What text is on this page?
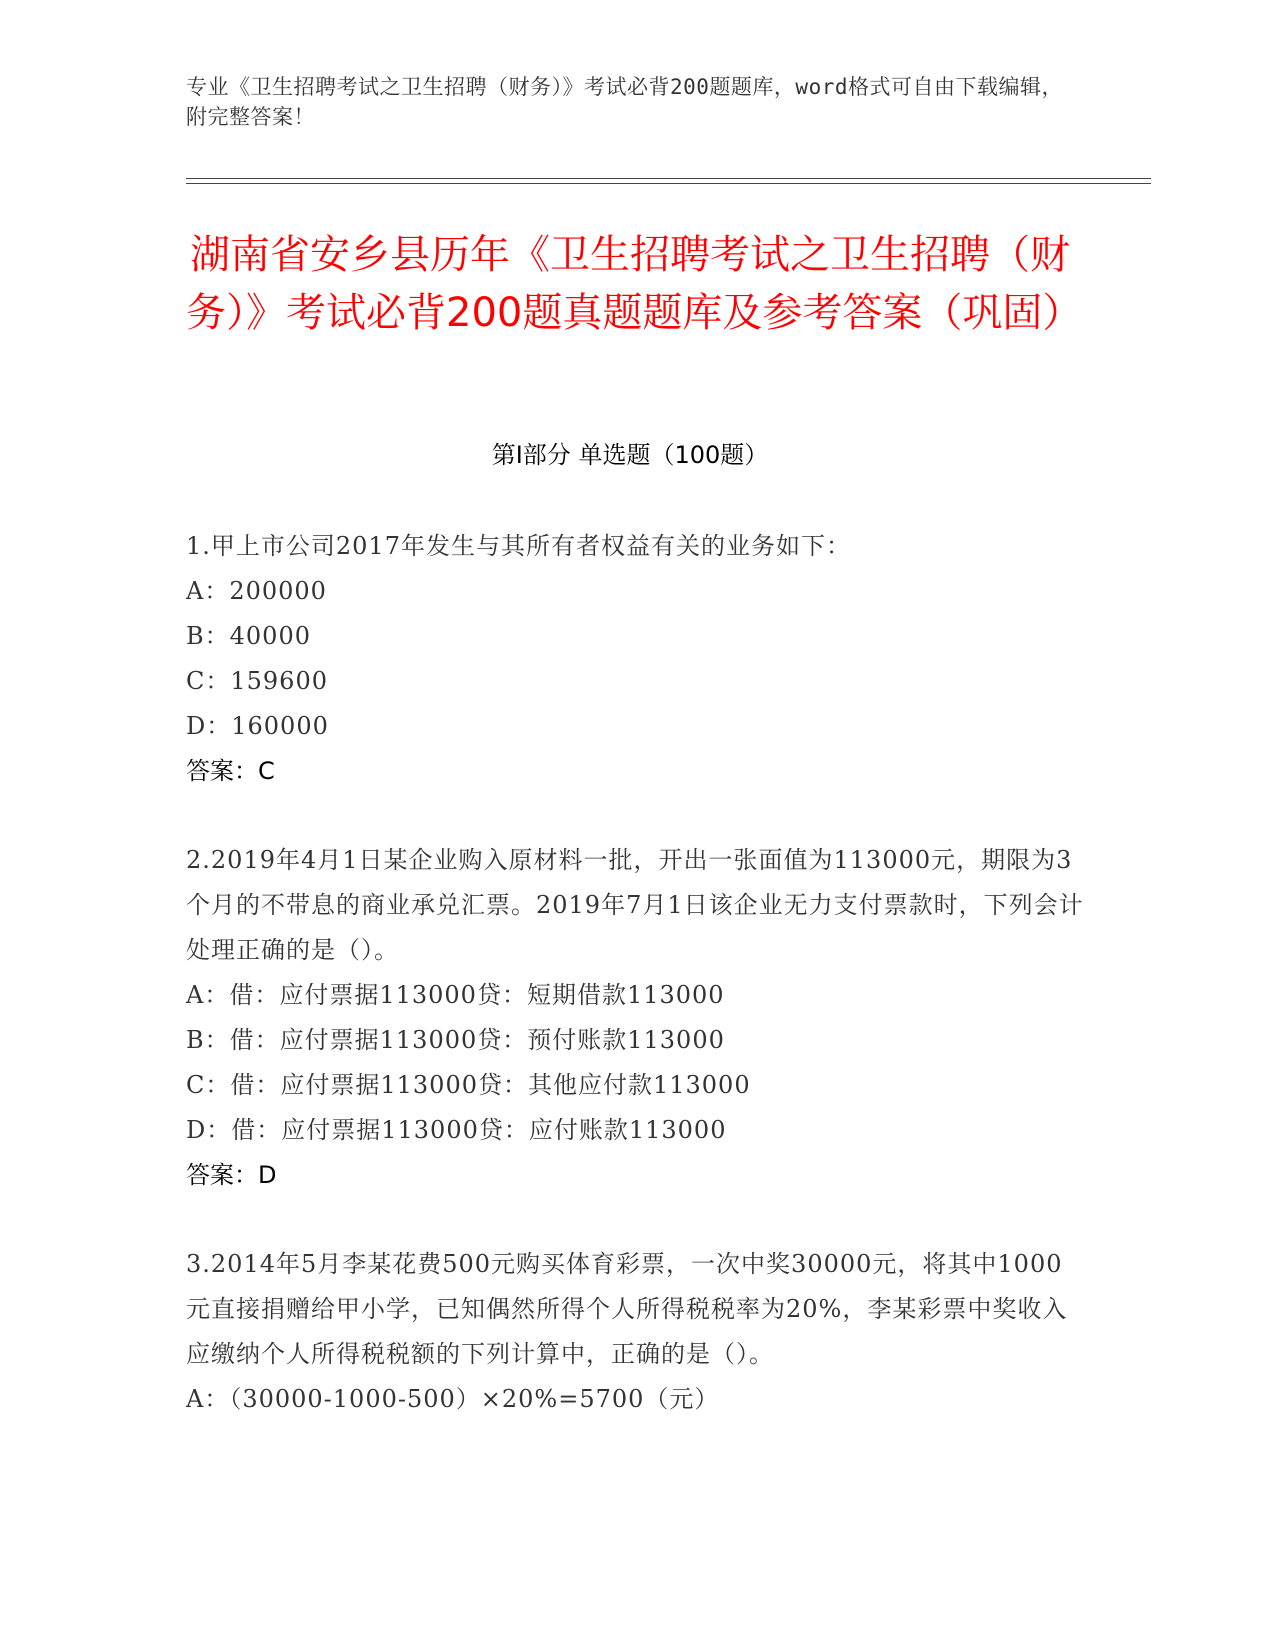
专业《卫生招聘考试之卫生招聘（财务）》考试必背200题题库，word格式可自由下载编辑，附完整答案！
湖南省安乡县历年《卫生招聘考试之卫生招聘（财务）》考试必背200题真题题库及参考答案（巩固）
第I部分 单选题（100题）

1.甲上市公司2017年发生与其所有者权益有关的业务如下：

A：200000

B：40000

C：159600

D：160000

答案：C

2.2019年4月1日某企业购入原材料一批，开出一张面值为113000元，期限为3个月的不带息的商业承兑汇票。2019年7月1日该企业无力支付票款时，下列会计处理正确的是（）。

A：借：应付票据113000贷：短期借款113000

B：借：应付票据113000贷：预付账款113000

C：借：应付票据113000贷：其他应付款113000

D：借：应付票据113000贷：应付账款113000

答案：D

3.2014年5月李某花费500元购买体育彩票，一次中奖30000元，将其中1000元直接捐赠给甲小学，已知偶然所得个人所得税税率为20%，李某彩票中奖收入应缴纳个人所得税税额的下列计算中，正确的是（）。

A：（30000-1000-500）×20%=5700（元）
